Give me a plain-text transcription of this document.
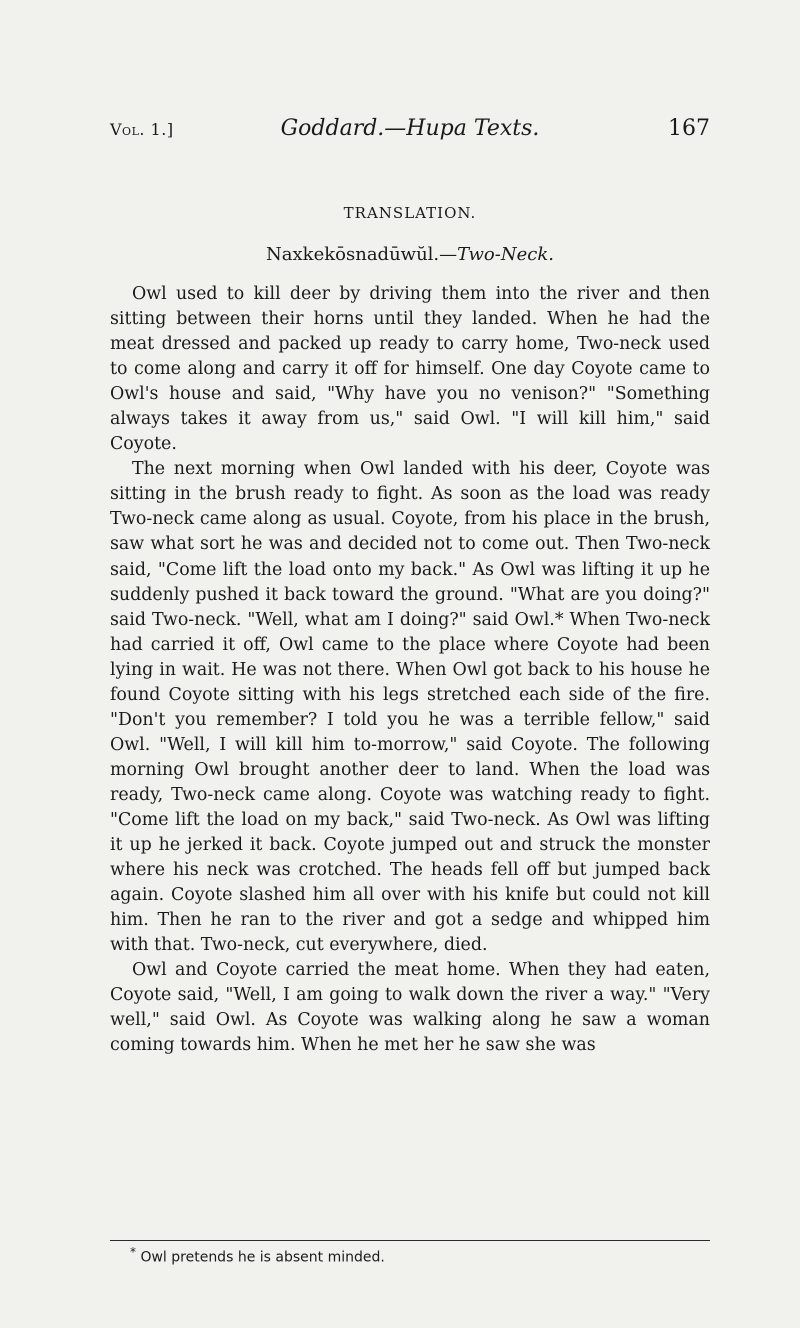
Vol. 1.]	Goddard.—Hupa Texts.	167
TRANSLATION.
Naxkekōsnadūwŭl.—Two-Neck.

Owl used to kill deer by driving them into the river and then sitting between their horns until they landed. When he had the meat dressed and packed up ready to carry home, Two-neck used to come along and carry it off for himself. One day Coyote came to Owl's house and said, "Why have you no venison?" "Something always takes it away from us," said Owl. "I will kill him," said Coyote.

The next morning when Owl landed with his deer, Coyote was sitting in the brush ready to fight. As soon as the load was ready Two-neck came along as usual. Coyote, from his place in the brush, saw what sort he was and decided not to come out. Then Two-neck said, "Come lift the load onto my back." As Owl was lifting it up he suddenly pushed it back toward the ground. "What are you doing?" said Two-neck. "Well, what am I doing?" said Owl.* When Two-neck had carried it off, Owl came to the place where Coyote had been lying in wait. He was not there. When Owl got back to his house he found Coyote sitting with his legs stretched each side of the fire. "Don't you remember? I told you he was a terrible fellow," said Owl. "Well, I will kill him to-morrow," said Coyote. The following morning Owl brought another deer to land. When the load was ready, Two-neck came along. Coyote was watching ready to fight. "Come lift the load on my back," said Two-neck. As Owl was lifting it up he jerked it back. Coyote jumped out and struck the monster where his neck was crotched. The heads fell off but jumped back again. Coyote slashed him all over with his knife but could not kill him. Then he ran to the river and got a sedge and whipped him with that. Two-neck, cut everywhere, died.

Owl and Coyote carried the meat home. When they had eaten, Coyote said, "Well, I am going to walk down the river a way." "Very well," said Owl. As Coyote was walking along he saw a woman coming towards him. When he met her he saw she was

* Owl pretends he is absent minded.
